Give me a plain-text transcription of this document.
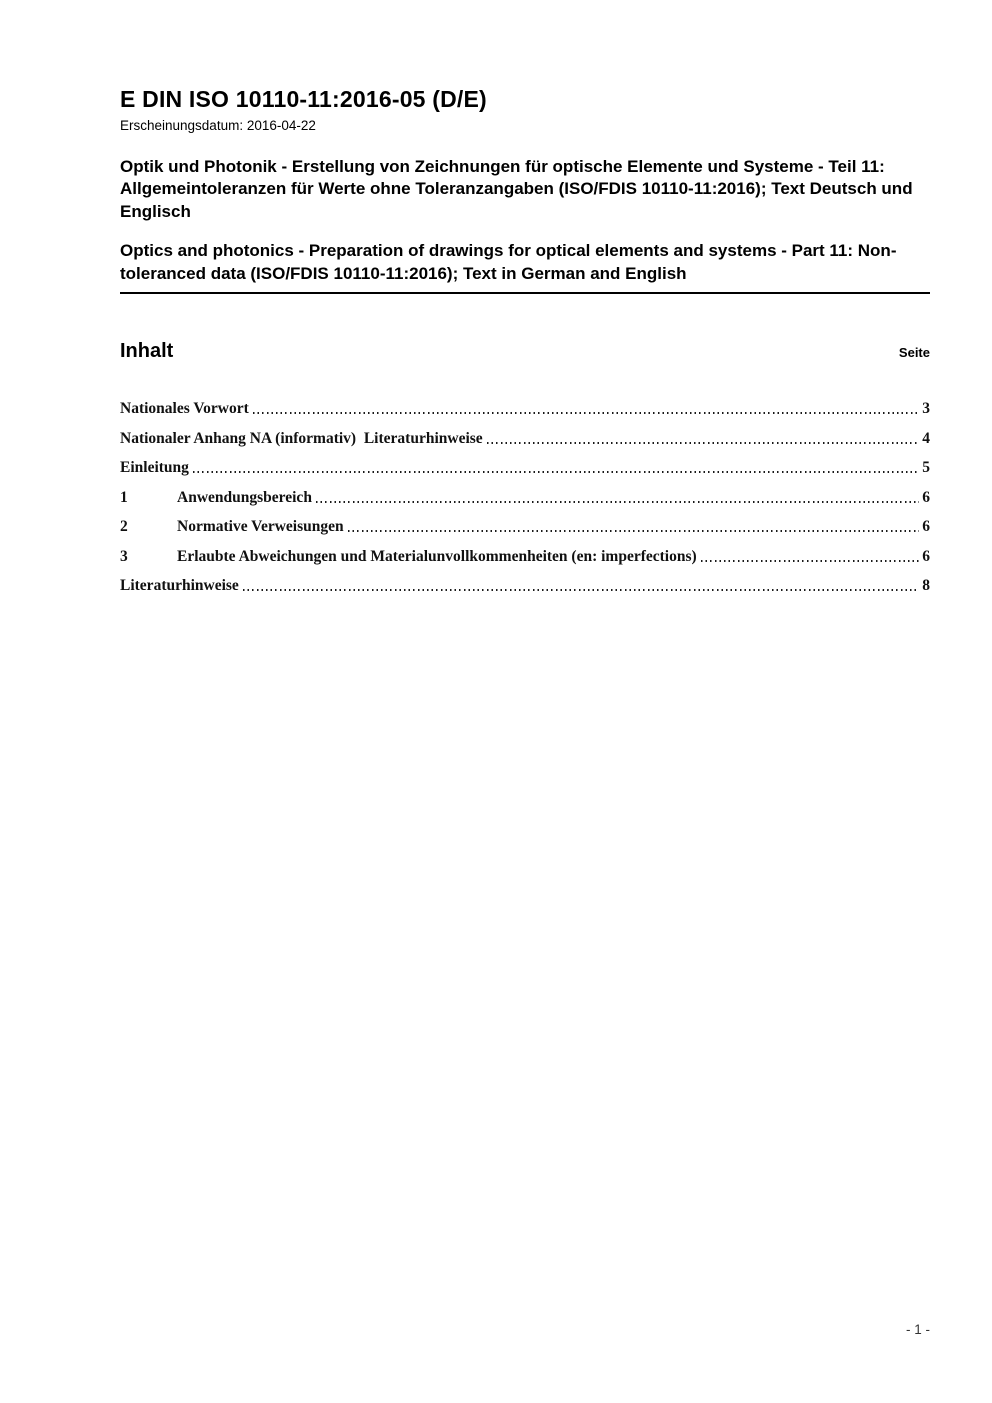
E DIN ISO 10110-11:2016-05 (D/E)
Erscheinungsdatum: 2016-04-22

Optik und Photonik - Erstellung von Zeichnungen für optische Elemente und Systeme - Teil 11: Allgemeintoleranzen für Werte ohne Toleranzangaben (ISO/FDIS 10110-11:2016); Text Deutsch und Englisch

Optics and photonics - Preparation of drawings for optical elements and systems - Part 11: Non-toleranced data (ISO/FDIS 10110-11:2016); Text in German and English

Inhalt	Seite
Nationales Vorwort	3
Nationaler Anhang NA (informativ)  Literaturhinweise	4
Einleitung	5
1	Anwendungsbereich	6
2	Normative Verweisungen	6
3	Erlaubte Abweichungen und Materialunvollkommenheiten (en: imperfections)	6
Literaturhinweise	8
- 1 -
